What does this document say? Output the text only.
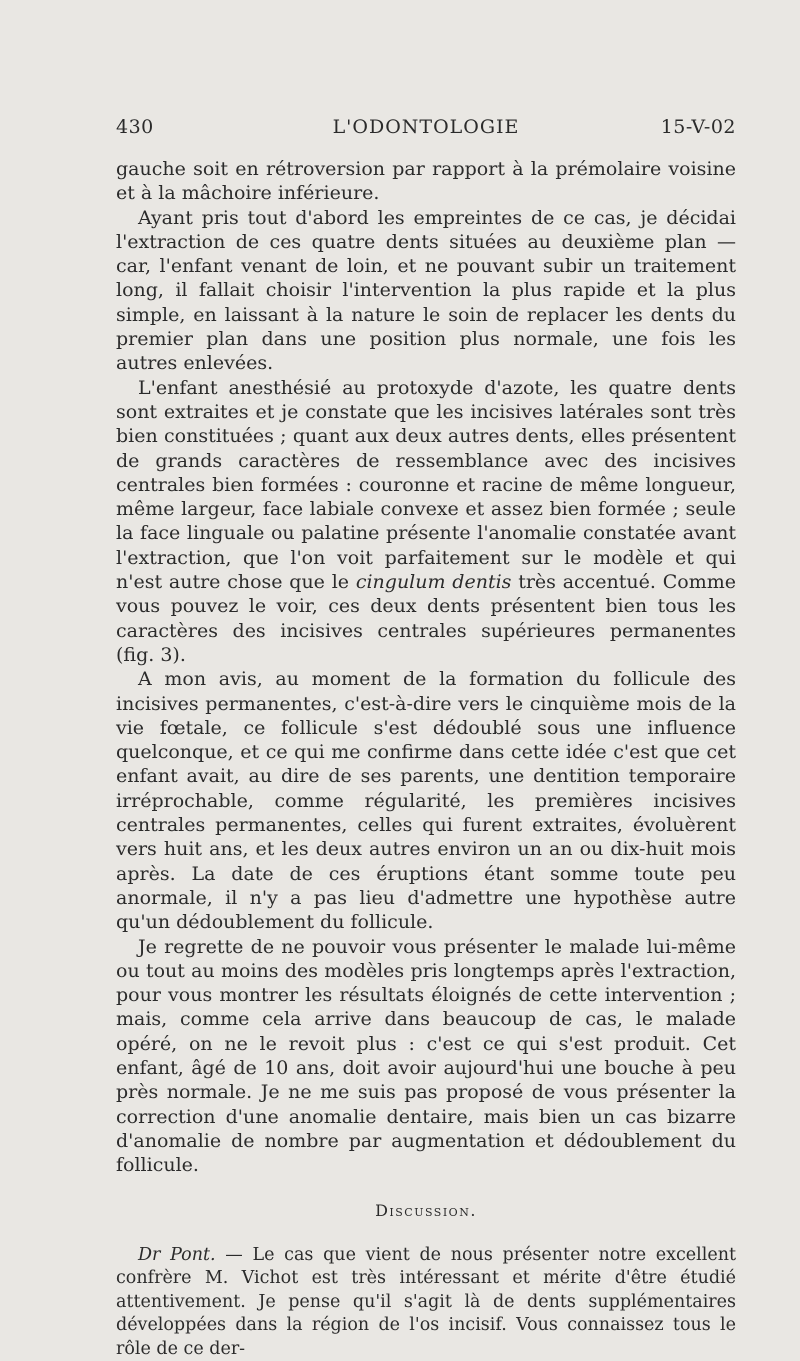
430	L'ODONTOLOGIE	15-V-02

gauche soit en rétroversion par rapport à la prémolaire voisine et à la mâchoire inférieure.

Ayant pris tout d'abord les empreintes de ce cas, je décidai l'extraction de ces quatre dents situées au deuxième plan — car, l'enfant venant de loin, et ne pouvant subir un traitement long, il fallait choisir l'intervention la plus rapide et la plus simple, en laissant à la nature le soin de replacer les dents du premier plan dans une position plus normale, une fois les autres enlevées.

L'enfant anesthésié au protoxyde d'azote, les quatre dents sont extraites et je constate que les incisives latérales sont très bien constituées ; quant aux deux autres dents, elles présentent de grands caractères de ressemblance avec des incisives centrales bien formées : couronne et racine de même longueur, même largeur, face labiale convexe et assez bien formée ; seule la face linguale ou palatine présente l'anomalie constatée avant l'extraction, que l'on voit parfaitement sur le modèle et qui n'est autre chose que le cingulum dentis très accentué. Comme vous pouvez le voir, ces deux dents présentent bien tous les caractères des incisives centrales supérieures permanentes (fig. 3).

A mon avis, au moment de la formation du follicule des incisives permanentes, c'est-à-dire vers le cinquième mois de la vie fœtale, ce follicule s'est dédoublé sous une influence quelconque, et ce qui me confirme dans cette idée c'est que cet enfant avait, au dire de ses parents, une dentition temporaire irréprochable, comme régularité, les premières incisives centrales permanentes, celles qui furent extraites, évoluèrent vers huit ans, et les deux autres environ un an ou dix-huit mois après. La date de ces éruptions étant somme toute peu anormale, il n'y a pas lieu d'admettre une hypothèse autre qu'un dédoublement du follicule.

Je regrette de ne pouvoir vous présenter le malade lui-même ou tout au moins des modèles pris longtemps après l'extraction, pour vous montrer les résultats éloignés de cette intervention ; mais, comme cela arrive dans beaucoup de cas, le malade opéré, on ne le revoit plus : c'est ce qui s'est produit. Cet enfant, âgé de 10 ans, doit avoir aujourd'hui une bouche à peu près normale. Je ne me suis pas proposé de vous présenter la correction d'une anomalie dentaire, mais bien un cas bizarre d'anomalie de nombre par augmentation et dédoublement du follicule.

Discussion.

Dr Pont. — Le cas que vient de nous présenter notre excellent confrère M. Vichot est très intéressant et mérite d'être étudié attentivement. Je pense qu'il s'agit là de dents supplémentaires développées dans la région de l'os incisif. Vous connaissez tous le rôle de ce der-
